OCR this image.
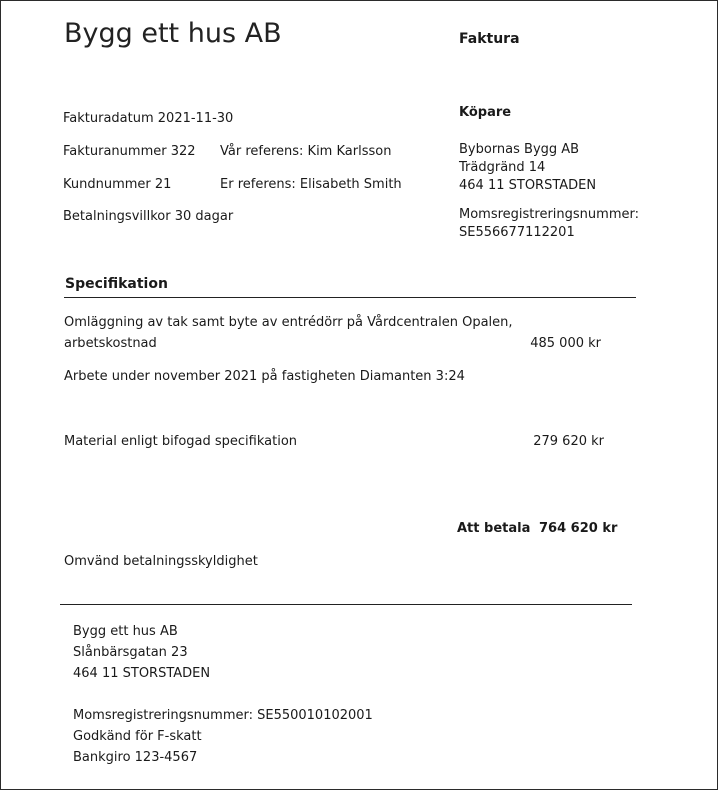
Bygg ett hus AB	Faktura
Fakturadatum 2021-11-30
Fakturanummer 322 Vår referens: Kim Karlsson
Kundnummer 21	Er referens: Elisabeth Smith
Betalningsvillkor 30 dagar
Köpare
Bybornas Bygg AB
Trädgränd 14
464 11 STORSTADEN
Momsregistreringsnummer:
SE556677112201
Specifikation
Omläggning av tak samt byte av entrédörr på Vårdcentralen Opalen,
arbetskostnad	485 000 kr
Arbete under november 2021 på fastigheten Diamanten 3:24
Material enligt bifogad specifikation	279 620 kr
Att betala 764 620 kr
Omvänd betalningsskyldighet
Bygg ett hus AB
Slånbärsgatan 23
464 11 STORSTADEN
Momsregistreringsnummer: SE550010102001
Godkänd för F-skatt
Bankgiro 123-4567
